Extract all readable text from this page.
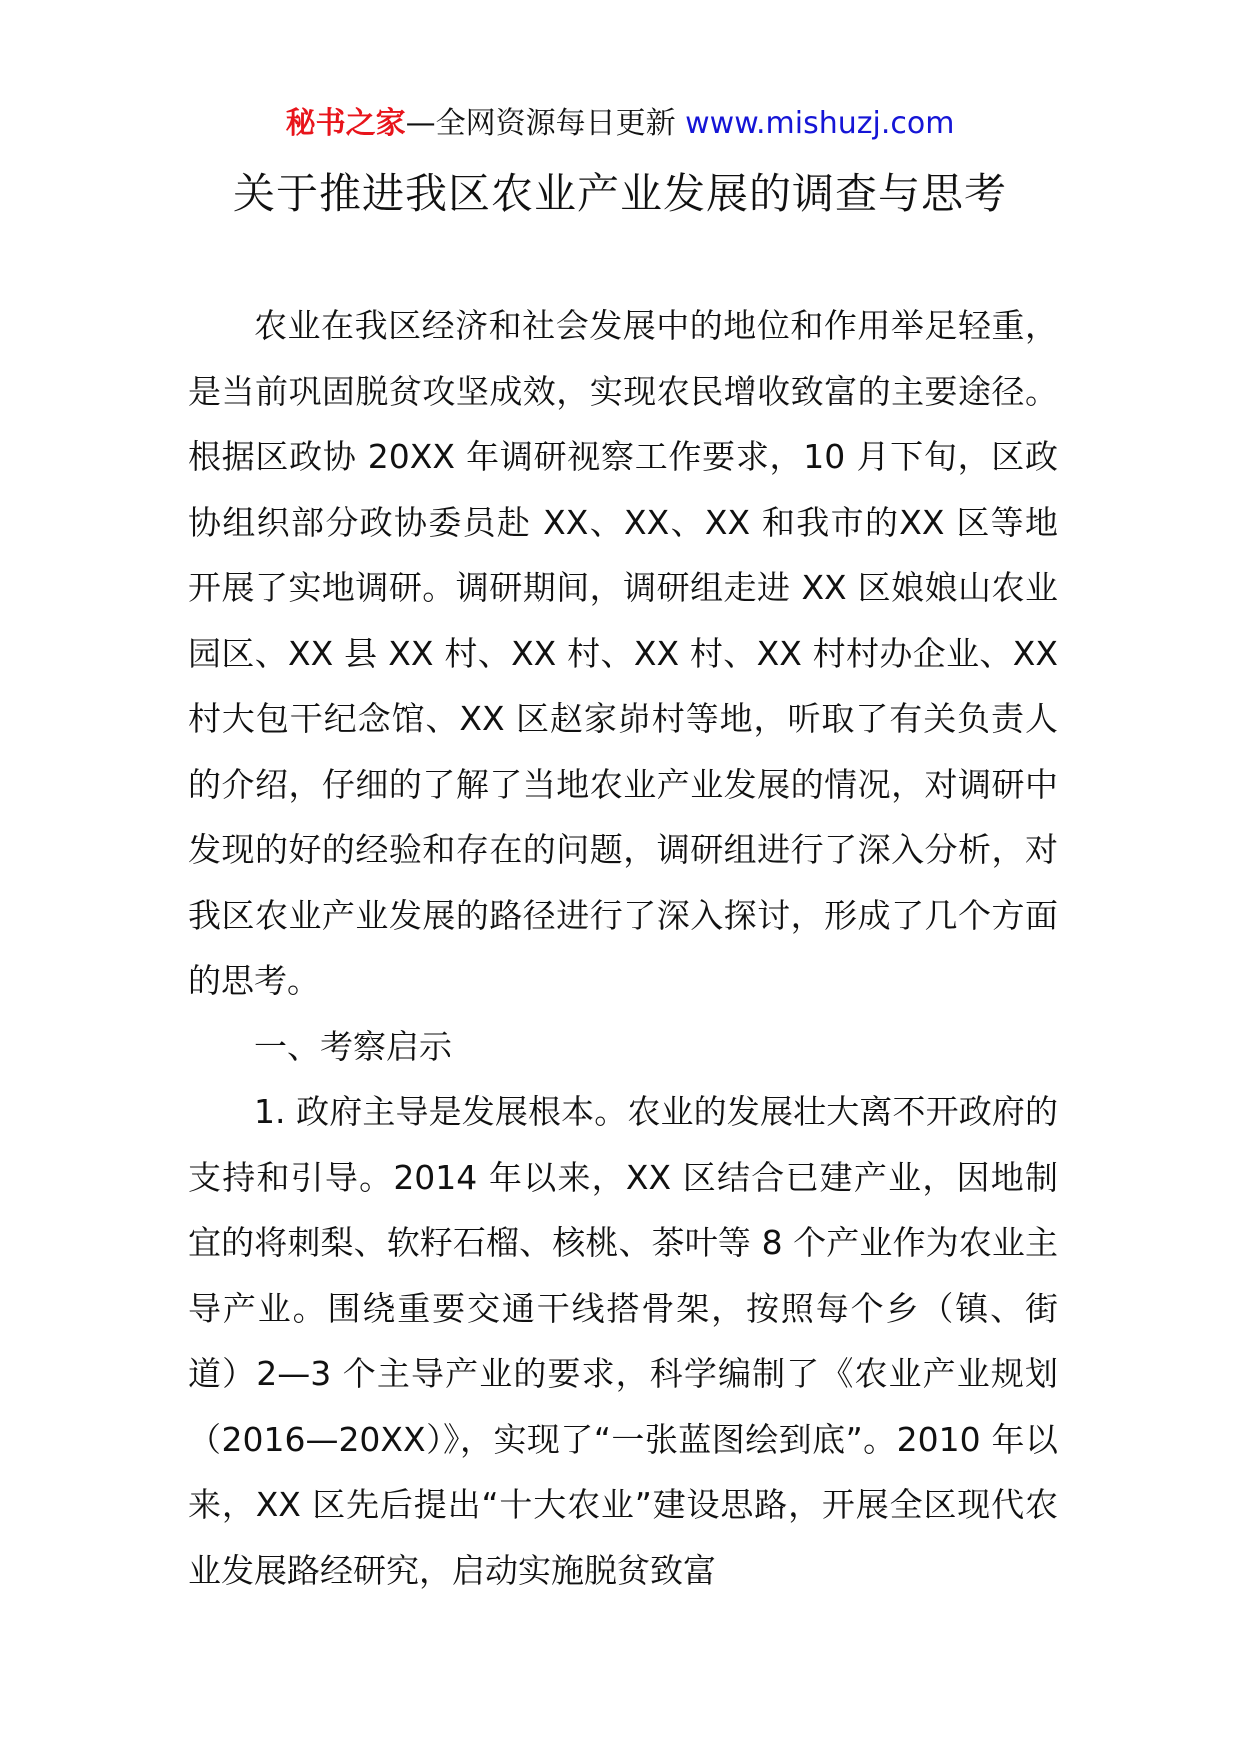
秘书之家—全网资源每日更新 www.mishuzj.com
关于推进我区农业产业发展的调查与思考

农业在我区经济和社会发展中的地位和作用举足轻重，是当前巩固脱贫攻坚成效，实现农民增收致富的主要途径。根据区政协 20XX 年调研视察工作要求，10 月下旬，区政协组织部分政协委员赴 XX、XX、XX 和我市的XX 区等地开展了实地调研。调研期间，调研组走进 XX 区娘娘山农业园区、XX 县 XX 村、XX 村、XX 村、XX 村村办企业、XX 村大包干纪念馆、XX 区赵家峁村等地，听取了有关负责人的介绍，仔细的了解了当地农业产业发展的情况，对调研中发现的好的经验和存在的问题，调研组进行了深入分析，对我区农业产业发展的路径进行了深入探讨，形成了几个方面的思考。

一、考察启示

1. 政府主导是发展根本。农业的发展壮大离不开政府的支持和引导。2014 年以来，XX 区结合已建产业，因地制宜的将刺梨、软籽石榴、核桃、茶叶等 8 个产业作为农业主导产业。围绕重要交通干线搭骨架，按照每个乡（镇、街道）2—3 个主导产业的要求，科学编制了《农业产业规划（2016—20XX）》，实现了“一张蓝图绘到底”。2010 年以来，XX 区先后提出“十大农业”建设思路，开展全区现代农业发展路经研究，启动实施脱贫致富
